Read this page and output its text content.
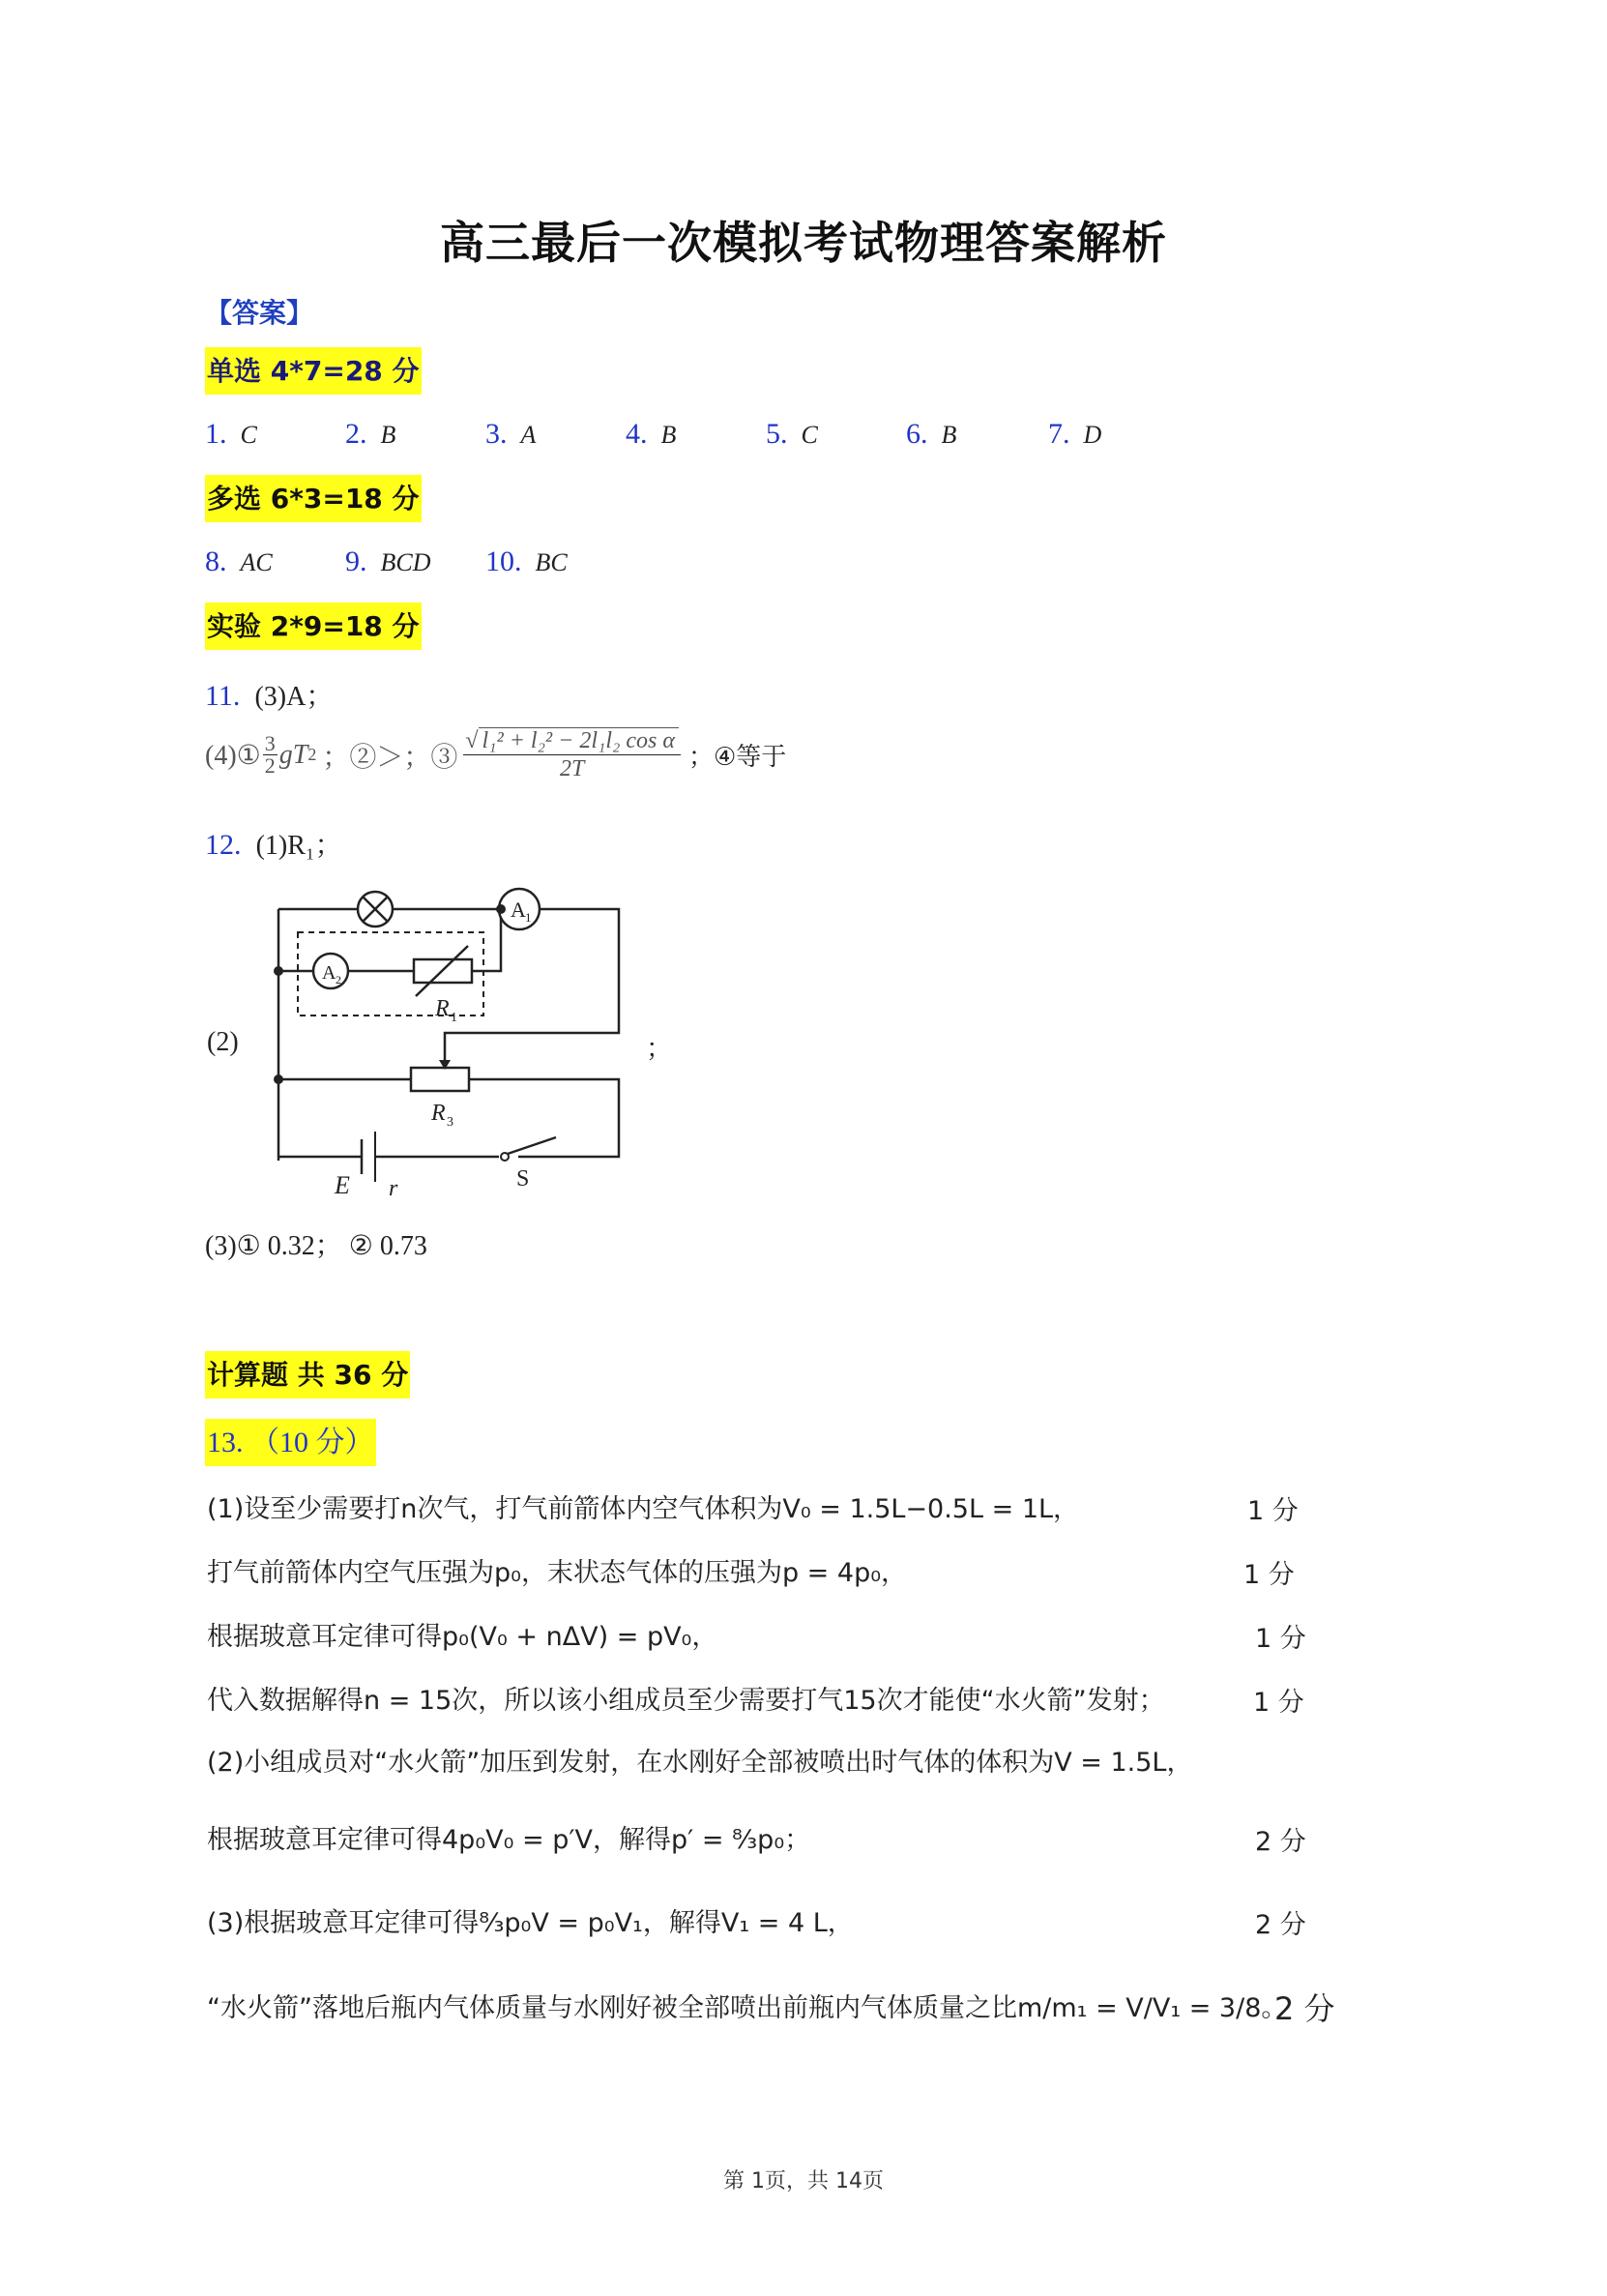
高三最后一次模拟考试物理答案解析
【答案】
单选 4*7=28 分
1. C	2. B	3. A	4. B	5. C	6. B	7. D
多选 6*3=18 分
8. AC	9. BCD 10. BC
实验 2*9=18 分
11. (3)A；
(4)① $\frac{3}{2}$ gT 2 ；②＞；③ $\frac{\text{√ l₁² + l₂² − 2l₁l₂ cos α}}{2T}$ ；④等于
12. (1)R₁；
(2)	；
A 1
A 2
R 1
R 3
E r	S
(3)① 0.32； ② 0.73
计算题 共 36 分
13. （10 分）
(1)设至少需要打n次气，打气前箭体内空气体积为V₀ = 1.5L−0.5L = 1L，	1 分
打气前箭体内空气压强为p₀，末状态气体的压强为p = 4p₀，	1 分
根据玻意耳定律可得p₀(V₀ + nΔV) = pV₀，	1 分
代入数据解得n = 15次，所以该小组成员至少需要打气15次才能使“水火箭”发射；	1 分
(2)小组成员对“水火箭”加压到发射，在水刚好全部被喷出时气体的体积为V = 1.5L，
根据玻意耳定律可得4p₀V₀ = p′V，解得p′ = ⁸⁄₃p₀；	2 分
(3)根据玻意耳定律可得⁸⁄₃p₀V = p₀V₁，解得V₁ = 4 L，	2 分
“水火箭”落地后瓶内气体质量与水刚好被全部喷出前瓶内气体质量之比m/m₁ = V/V₁ = 3/8。
2 分
第 1页，共 14页
